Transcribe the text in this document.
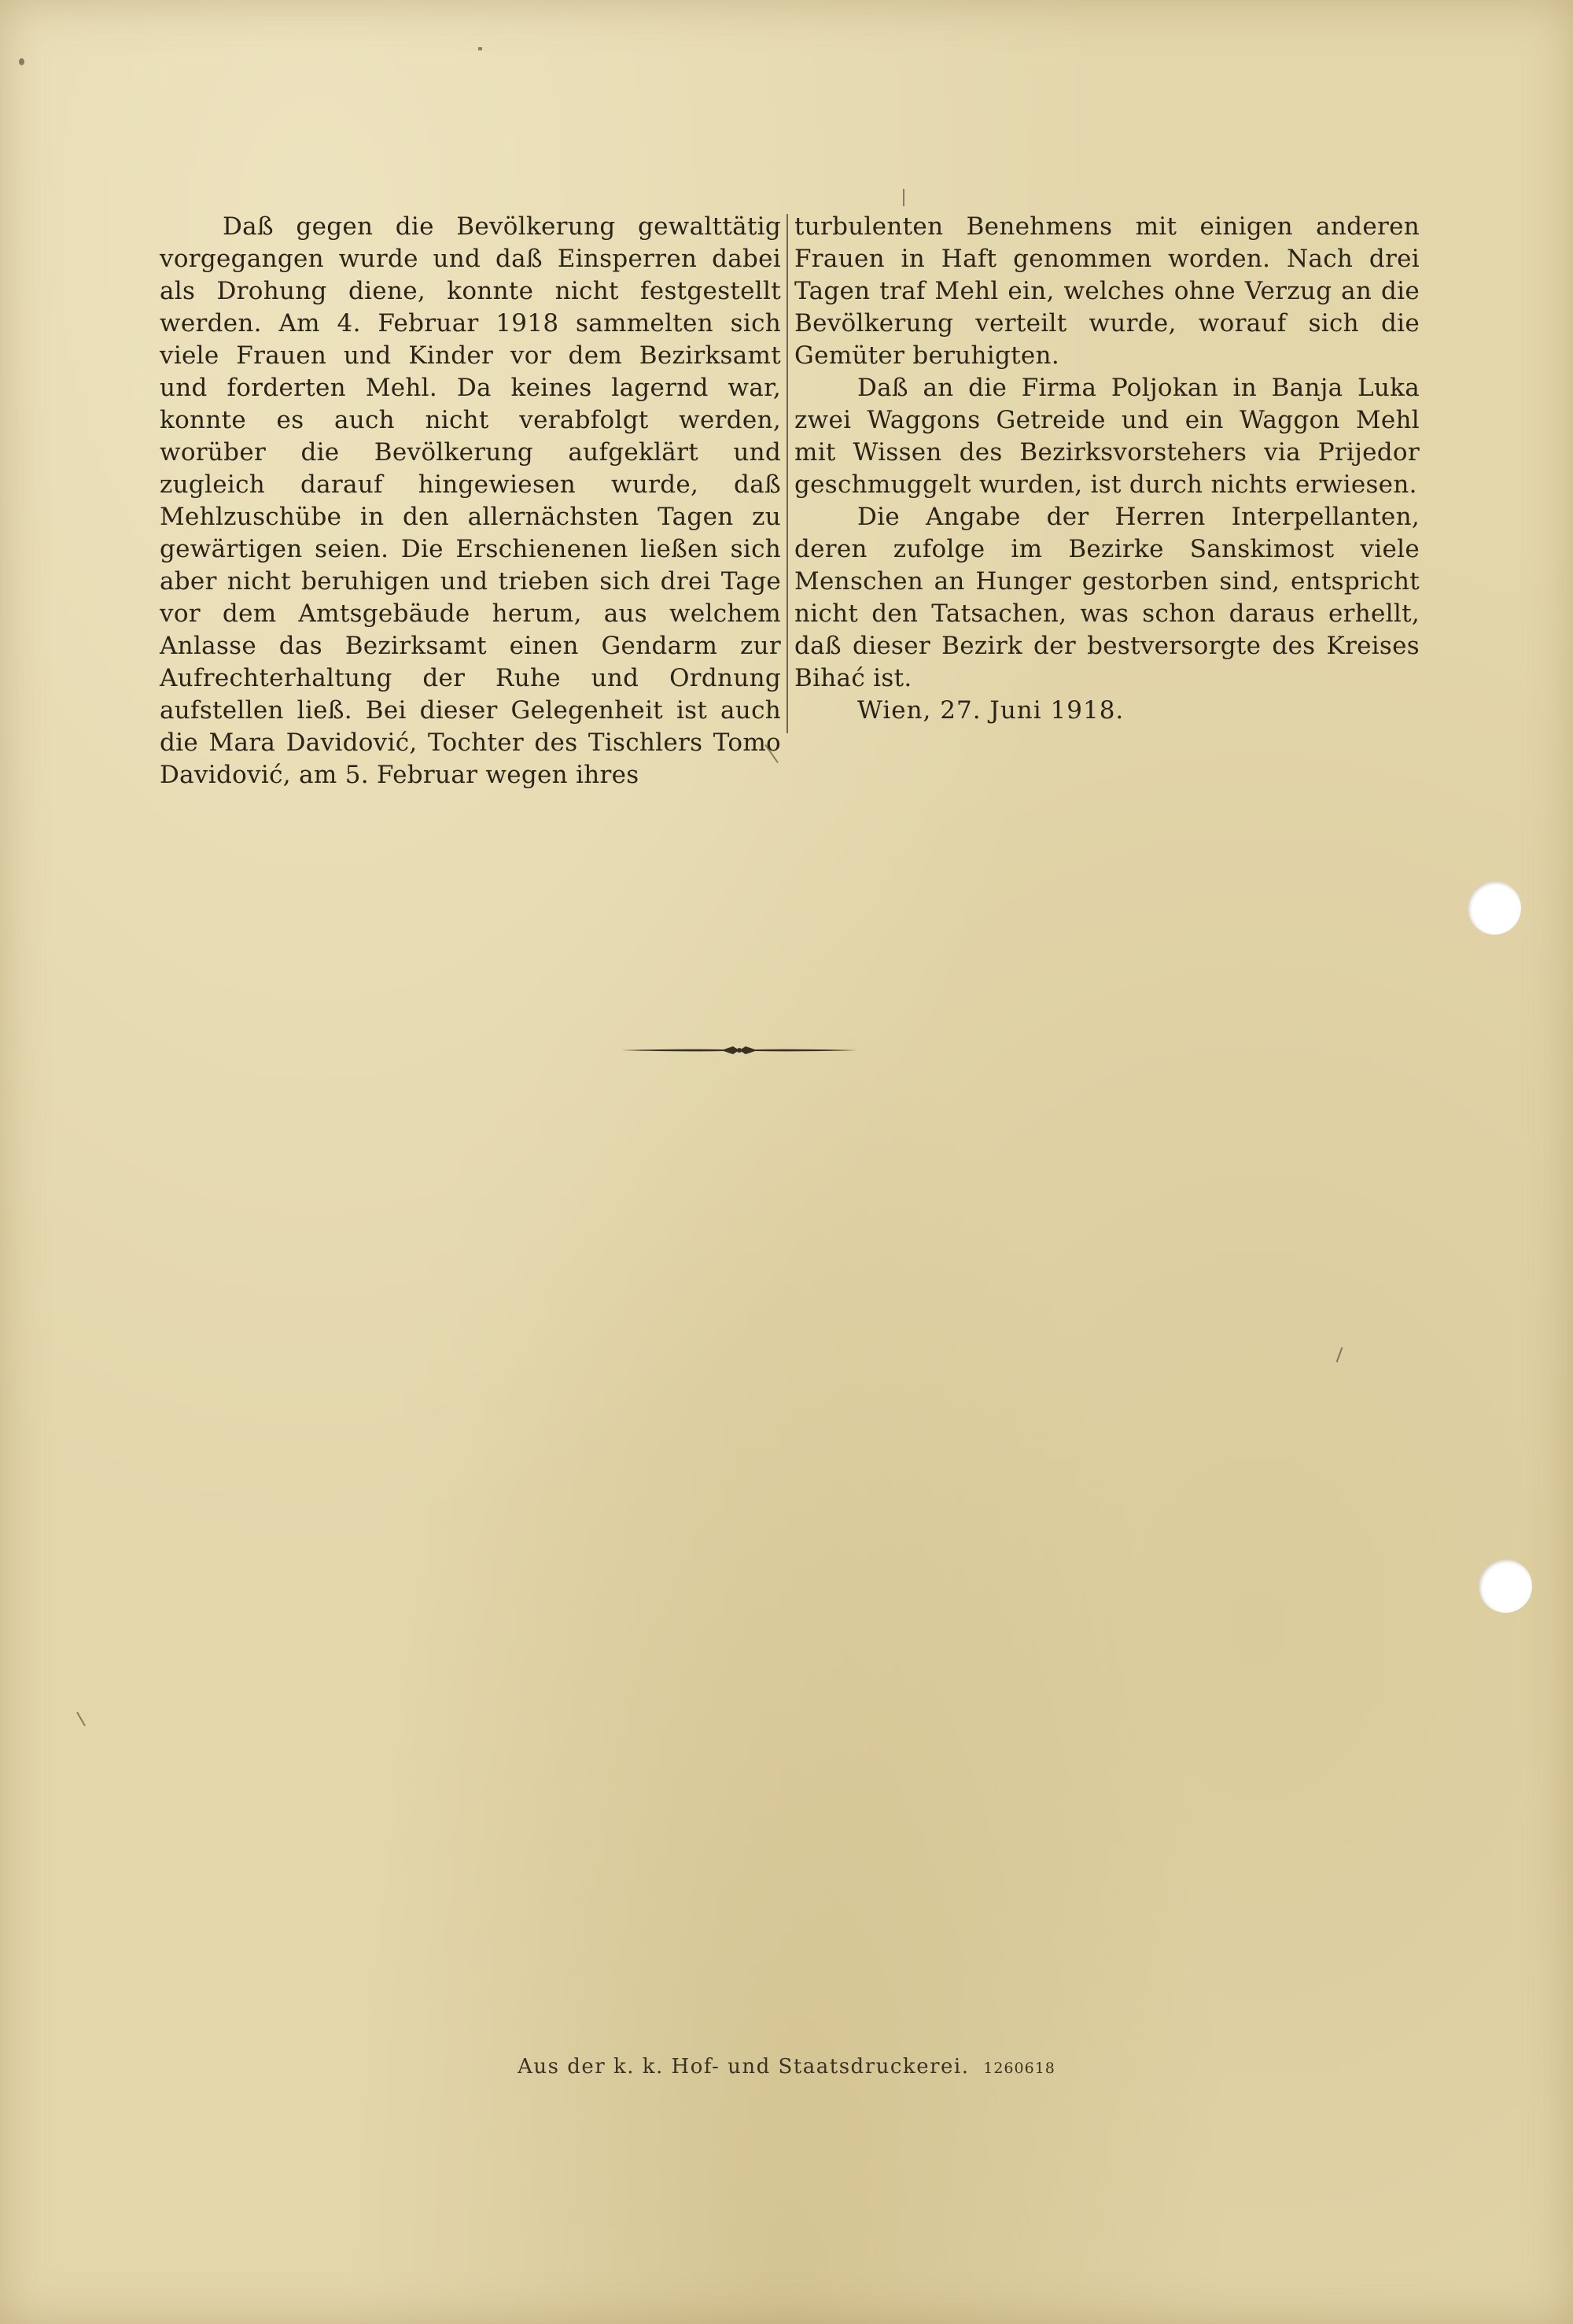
Daß gegen die Bevölkerung gewalttätig vorgegangen wurde und daß Einsperren dabei als Drohung diene, konnte nicht festgestellt werden. Am 4. Februar 1918 sammelten sich viele Frauen und Kinder vor dem Bezirksamt und forderten Mehl. Da keines lagernd war, konnte es auch nicht verabfolgt werden, worüber die Bevölkerung aufgeklärt und zugleich darauf hingewiesen wurde, daß Mehlzuschübe in den allernächsten Tagen zu gewärtigen seien. Die Erschienenen ließen sich aber nicht beruhigen und trieben sich drei Tage vor dem Amtsgebäude herum, aus welchem Anlasse das Bezirksamt einen Gendarm zur Aufrechterhaltung der Ruhe und Ordnung aufstellen ließ. Bei dieser Gelegenheit ist auch die Mara Davidović, Tochter des Tischlers Tomo Davidović, am 5. Februar wegen ihres

turbulenten Benehmens mit einigen anderen Frauen in Haft genommen worden. Nach drei Tagen traf Mehl ein, welches ohne Verzug an die Bevölkerung verteilt wurde, worauf sich die Gemüter beruhigten.

Daß an die Firma Poljokan in Banja Luka zwei Waggons Getreide und ein Waggon Mehl mit Wissen des Bezirksvorstehers via Prijedor geschmuggelt wurden, ist durch nichts erwiesen.

Die Angabe der Herren Interpellanten, deren zufolge im Bezirke Sanskimost viele Menschen an Hunger gestorben sind, entspricht nicht den Tatsachen, was schon daraus erhellt, daß dieser Bezirk der bestversorgte des Kreises Bihać ist.

Wien, 27. Juni 1918.

Aus der k. k. Hof- und Staatsdruckerei. 1260618
